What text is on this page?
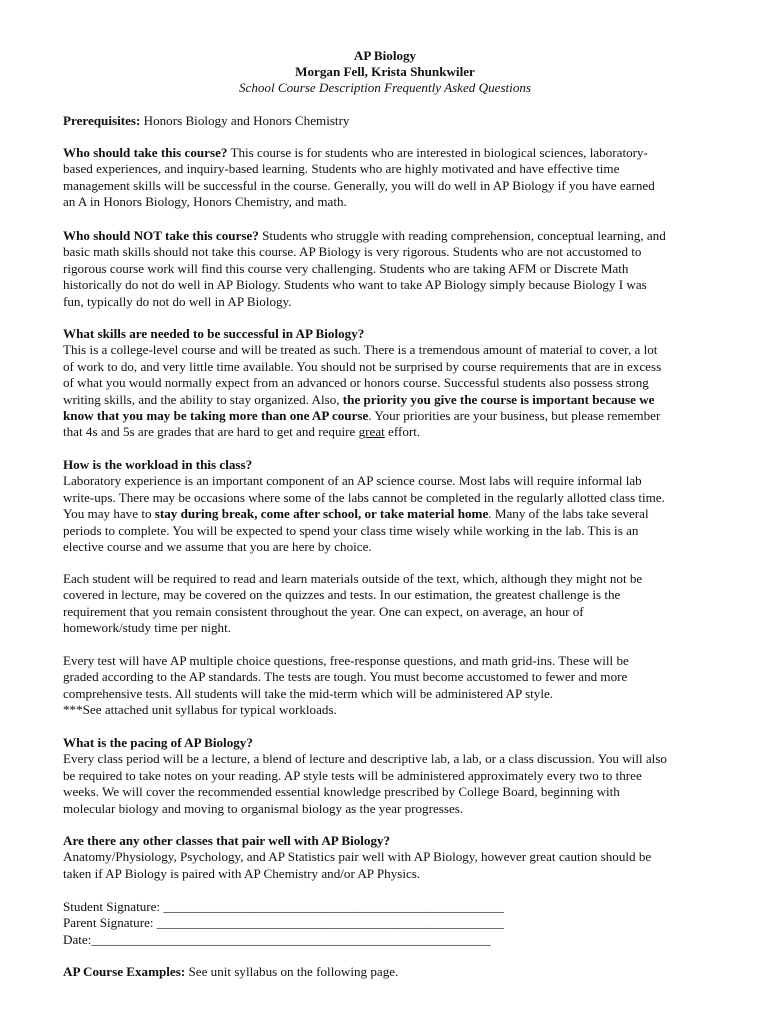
AP Biology
Morgan Fell, Krista Shunkwiler
School Course Description Frequently Asked Questions

Prerequisites: Honors Biology and Honors Chemistry

Who should take this course? This course is for students who are interested in biological sciences, laboratory-

based experiences, and inquiry-based learning. Students who are highly motivated and have effective time

management skills will be successful in the course. Generally, you will do well in AP Biology if you have earned

an A in Honors Biology, Honors Chemistry, and math.

Who should NOT take this course? Students who struggle with reading comprehension, conceptual learning, and

basic math skills should not take this course. AP Biology is very rigorous. Students who are not accustomed to

rigorous course work will find this course very challenging. Students who are taking AFM or Discrete Math

historically do not do well in AP Biology. Students who want to take AP Biology simply because Biology I was

fun, typically do not do well in AP Biology.

What skills are needed to be successful in AP Biology?

This is a college-level course and will be treated as such. There is a tremendous amount of material to cover, a lot

of work to do, and very little time available. You should not be surprised by course requirements that are in excess

of what you would normally expect from an advanced or honors course. Successful students also possess strong

writing skills, and the ability to stay organized. Also, the priority you give the course is important because we

know that you may be taking more than one AP course. Your priorities are your business, but please remember

that 4s and 5s are grades that are hard to get and require great effort.

How is the workload in this class?

Laboratory experience is an important component of an AP science course. Most labs will require informal lab

write-ups. There may be occasions where some of the labs cannot be completed in the regularly allotted class time.

You may have to stay during break, come after school, or take material home. Many of the labs take several

periods to complete. You will be expected to spend your class time wisely while working in the lab. This is an

elective course and we assume that you are here by choice.

Each student will be required to read and learn materials outside of the text, which, although they might not be

covered in lecture, may be covered on the quizzes and tests. In our estimation, the greatest challenge is the

requirement that you remain consistent throughout the year. One can expect, on average, an hour of

homework/study time per night.

Every test will have AP multiple choice questions, free-response questions, and math grid-ins. These will be

graded according to the AP standards. The tests are tough. You must become accustomed to fewer and more

comprehensive tests. All students will take the mid-term which will be administered AP style.

***See attached unit syllabus for typical workloads.

What is the pacing of AP Biology?

Every class period will be a lecture, a blend of lecture and descriptive lab, a lab, or a class discussion. You will also

be required to take notes on your reading. AP style tests will be administered approximately every two to three

weeks. We will cover the recommended essential knowledge prescribed by College Board, beginning with

molecular biology and moving to organismal biology as the year progresses.

Are there any other classes that pair well with AP Biology?

Anatomy/Physiology, Psychology, and AP Statistics pair well with AP Biology, however great caution should be

taken if AP Biology is paired with AP Chemistry and/or AP Physics.

Student Signature: ____________________________________________________

Parent Signature: _____________________________________________________

Date:_____________________________________________________________

AP Course Examples: See unit syllabus on the following page.
